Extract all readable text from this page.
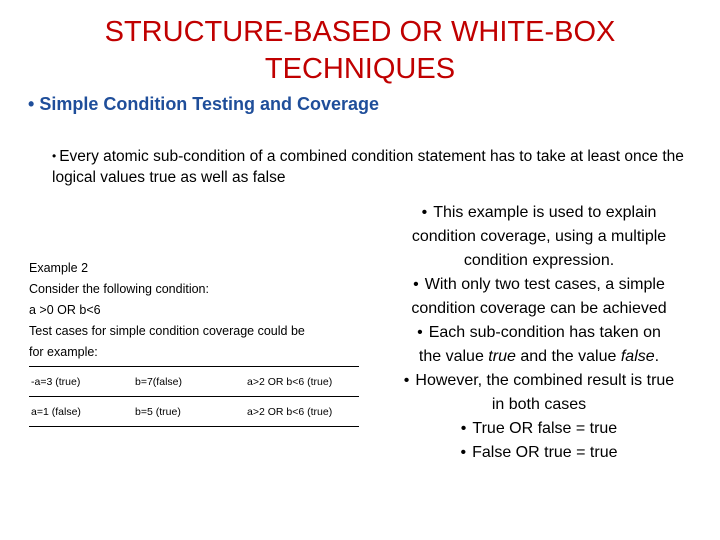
STRUCTURE-BASED OR WHITE-BOX
TECHNIQUES
• Simple Condition Testing and Coverage
• Every atomic sub-condition of a combined condition statement has to take at least once the logical values true as well as false
Example 2
Consider the following condition:
a >0 OR b<6
Test cases for simple condition coverage could be
for example:
-a=3 (true)	b=7(false)	a>2 OR b<6 (true)
a=1 (false)	b=5 (true)	a>2 OR b<6 (true)
• This example is used to explain
condition coverage, using a multiple
condition expression.
• With only two test cases, a simple
condition coverage can be achieved
• Each sub-condition has taken on
the value true and the value false.
• However, the combined result is true
in both cases
• True OR false = true
• False OR true = true
